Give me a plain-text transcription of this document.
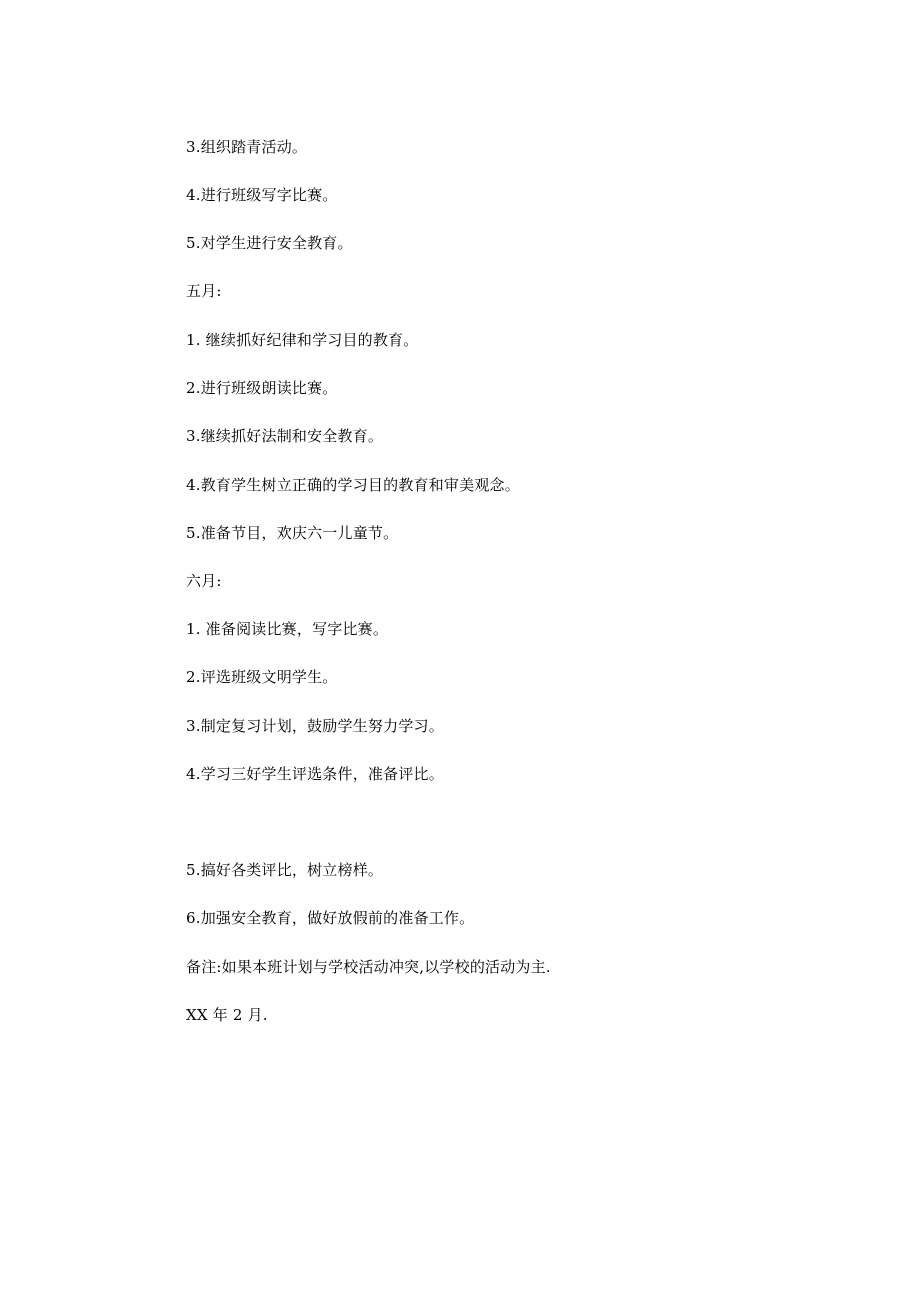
3.组织踏青活动。
4.进行班级写字比赛。
5.对学生进行安全教育。
五月:
1. 继续抓好纪律和学习目的教育。
2.进行班级朗读比赛。
3.继续抓好法制和安全教育。
4.教育学生树立正确的学习目的教育和审美观念。
5.准备节目，欢庆六一儿童节。
六月:
1. 准备阅读比赛，写字比赛。
2.评选班级文明学生。
3.制定复习计划，鼓励学生努力学习。
4.学习三好学生评选条件，准备评比。
5.搞好各类评比，树立榜样。
6.加强安全教育，做好放假前的准备工作。
备注:如果本班计划与学校活动冲突,以学校的活动为主.
XX 年 2 月.
